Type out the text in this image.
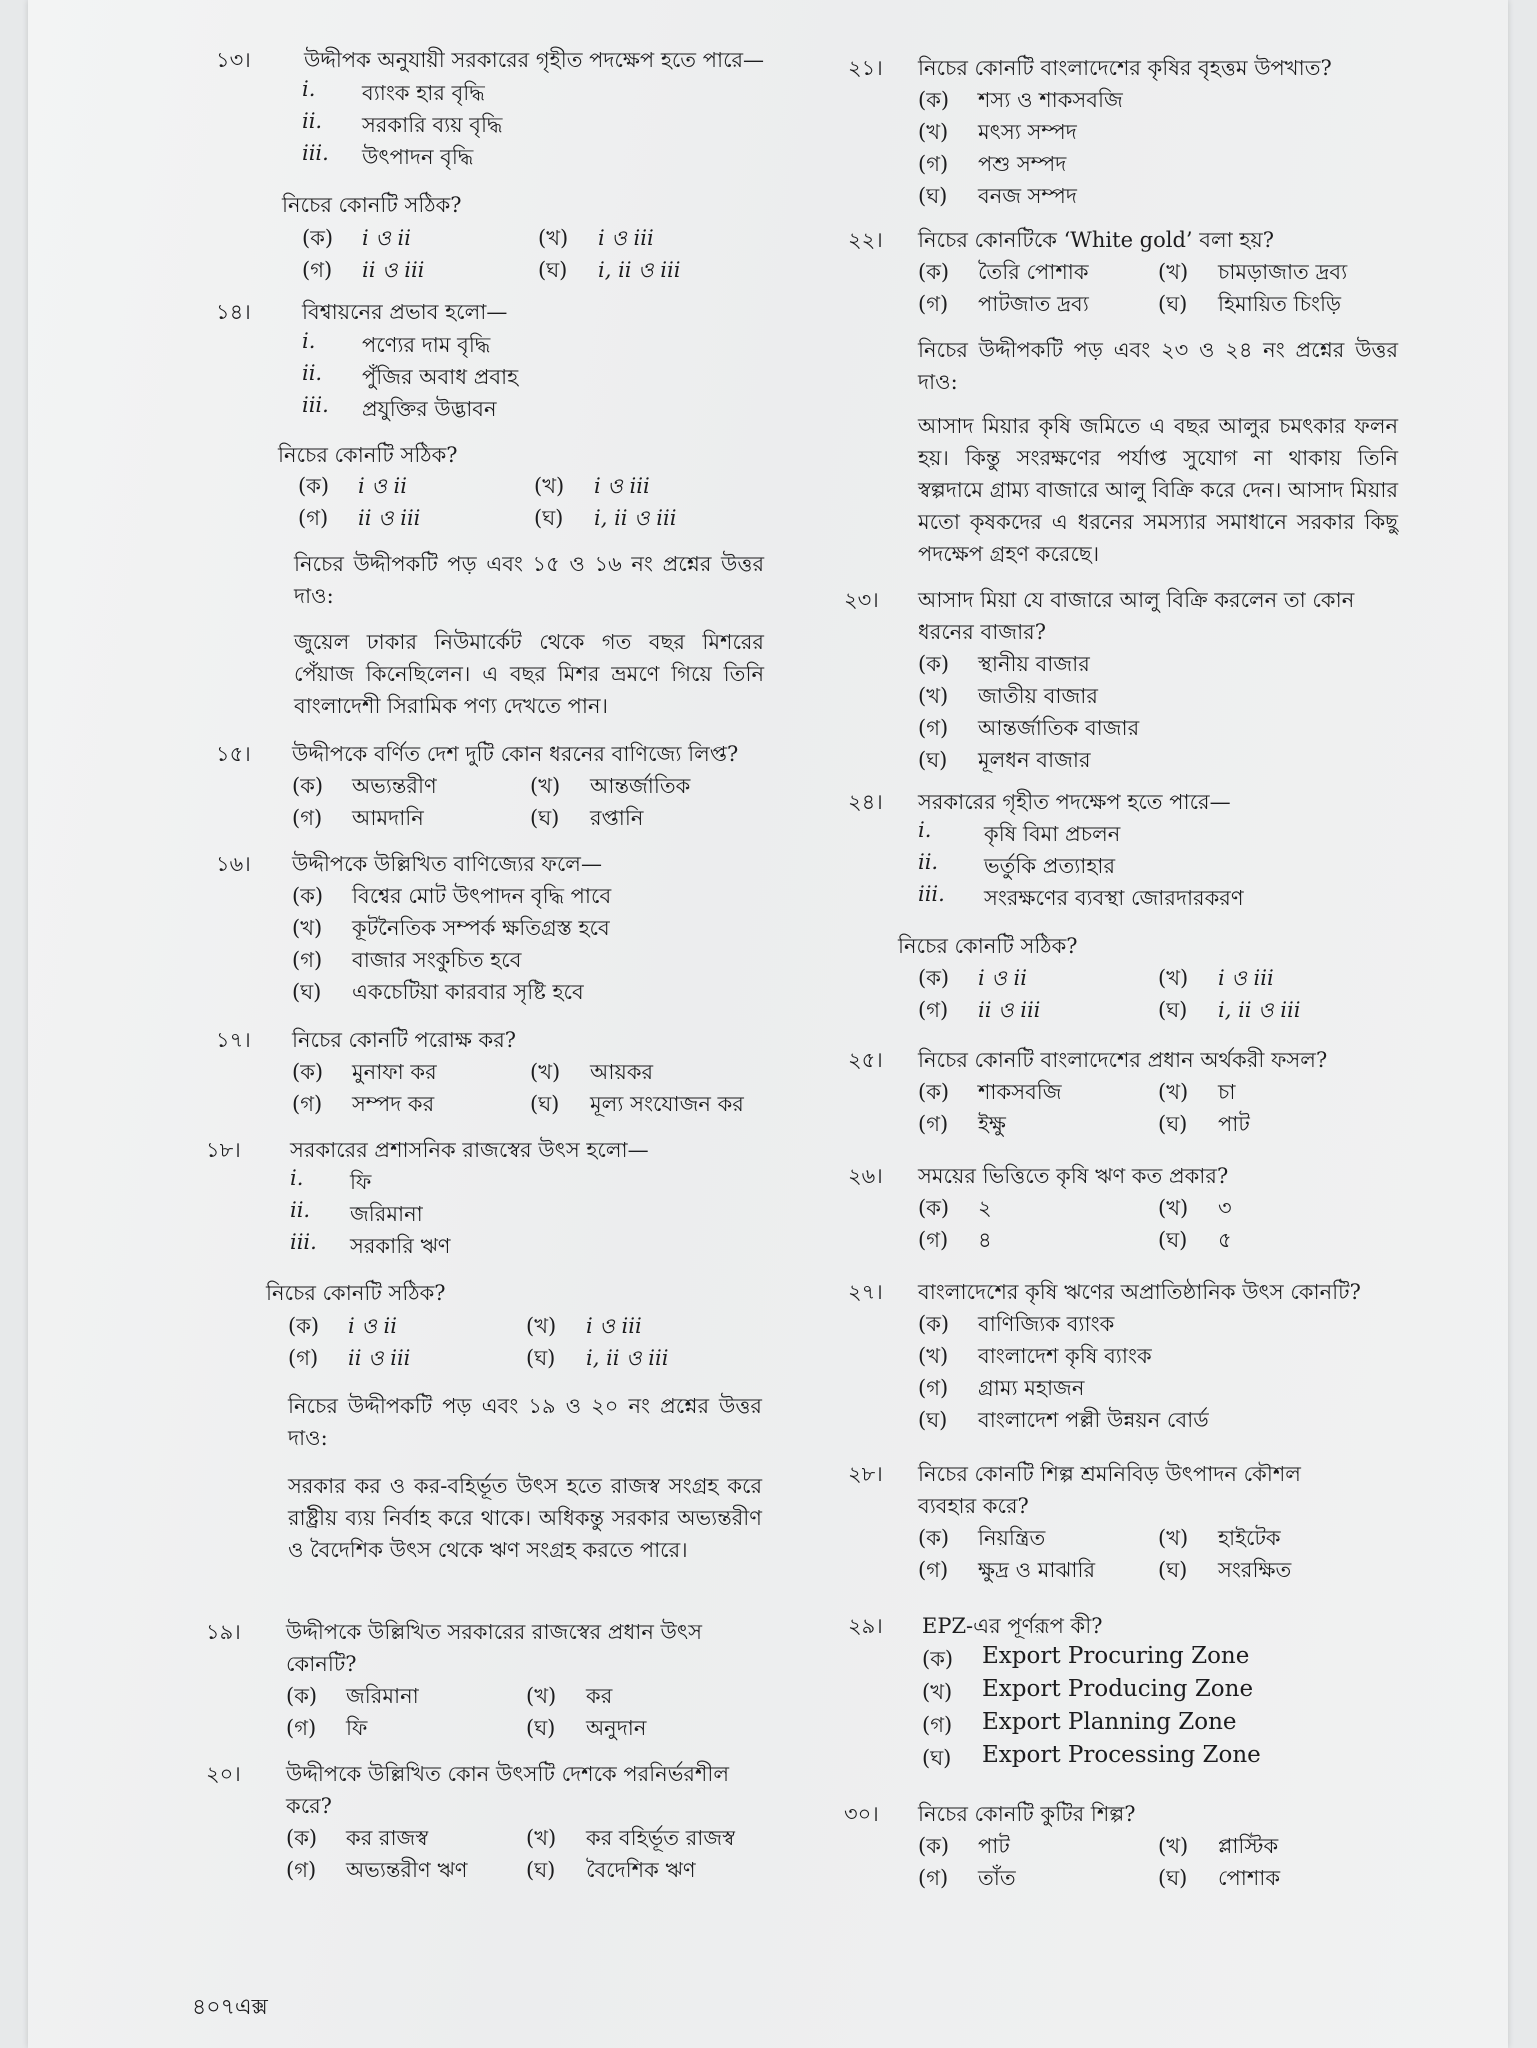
১৩।	উদ্দীপক অনুযায়ী সরকারের গৃহীত পদক্ষেপ হতে পারে—
i. ব্যাংক হার বৃদ্ধি
ii. সরকারি ব্যয় বৃদ্ধি
iii. উৎপাদন বৃদ্ধি
নিচের কোনটি সঠিক?
(ক) i ও ii	(খ) i ও iii
(গ) ii ও iii	(ঘ) i, ii ও iii
১৪। বিশ্বায়নের প্রভাব হলো—
i. পণ্যের দাম বৃদ্ধি
ii. পুঁজির অবাধ প্রবাহ
iii. প্রযুক্তির উদ্ভাবন
নিচের কোনটি সঠিক?
(ক) i ও ii	(খ) i ও iii
(গ) ii ও iii	(ঘ) i, ii ও iii
নিচের উদ্দীপকটি পড় এবং ১৫ ও ১৬ নং প্রশ্নের উত্তর দাও:
জুয়েল ঢাকার নিউমার্কেট থেকে গত বছর মিশরের পেঁয়াজ কিনেছিলেন। এ বছর মিশর ভ্রমণে গিয়ে তিনি বাংলাদেশী সিরামিক পণ্য দেখতে পান।
১৫। উদ্দীপকে বর্ণিত দেশ দুটি কোন ধরনের বাণিজ্যে লিপ্ত?
(ক) অভ্যন্তরীণ	(খ) আন্তর্জাতিক
(গ) আমদানি	(ঘ) রপ্তানি
১৬। উদ্দীপকে উল্লিখিত বাণিজ্যের ফলে—
(ক) বিশ্বের মোট উৎপাদন বৃদ্ধি পাবে
(খ) কূটনৈতিক সম্পর্ক ক্ষতিগ্রস্ত হবে
(গ) বাজার সংকুচিত হবে
(ঘ) একচেটিয়া কারবার সৃষ্টি হবে
১৭। নিচের কোনটি পরোক্ষ কর?
(ক) মুনাফা কর	(খ) আয়কর
(গ) সম্পদ কর	(ঘ) মূল্য সংযোজন কর
১৮। সরকারের প্রশাসনিক রাজস্বের উৎস হলো—
i. ফি
ii. জরিমানা
iii. সরকারি ঋণ
নিচের কোনটি সঠিক?
(ক) i ও ii	(খ) i ও iii
(গ) ii ও iii	(ঘ) i, ii ও iii
নিচের উদ্দীপকটি পড় এবং ১৯ ও ২০ নং প্রশ্নের উত্তর দাও:
সরকার কর ও কর-বহির্ভূত উৎস হতে রাজস্ব সংগ্রহ করে রাষ্ট্রীয় ব্যয় নির্বাহ করে থাকে। অধিকন্তু সরকার অভ্যন্তরীণ ও বৈদেশিক উৎস থেকে ঋণ সংগ্রহ করতে পারে।
১৯। উদ্দীপকে উল্লিখিত সরকারের রাজস্বের প্রধান উৎস কোনটি?
(ক) জরিমানা	(খ) কর
(গ) ফি	(ঘ) অনুদান
২০। উদ্দীপকে উল্লিখিত কোন উৎসটি দেশকে পরনির্ভরশীল করে?
(ক) কর রাজস্ব	(খ) কর বহির্ভূত রাজস্ব
(গ) অভ্যন্তরীণ ঋণ	(ঘ) বৈদেশিক ঋণ
২১। নিচের কোনটি বাংলাদেশের কৃষির বৃহত্তম উপখাত?
(ক) শস্য ও শাকসবজি
(খ) মৎস্য সম্পদ
(গ) পশু সম্পদ
(ঘ) বনজ সম্পদ
২২। নিচের কোনটিকে ‘White gold’ বলা হয়?
(ক) তৈরি পোশাক	(খ) চামড়াজাত দ্রব্য
(গ) পাটজাত দ্রব্য	(ঘ) হিমায়িত চিংড়ি
নিচের উদ্দীপকটি পড় এবং ২৩ ও ২৪ নং প্রশ্নের উত্তর দাও:
আসাদ মিয়ার কৃষি জমিতে এ বছর আলুর চমৎকার ফলন হয়। কিন্তু সংরক্ষণের পর্যাপ্ত সুযোগ না থাকায় তিনি স্বল্পদামে গ্রাম্য বাজারে আলু বিক্রি করে দেন। আসাদ মিয়ার মতো কৃষকদের এ ধরনের সমস্যার সমাধানে সরকার কিছু পদক্ষেপ গ্রহণ করেছে।
২৩। আসাদ মিয়া যে বাজারে আলু বিক্রি করলেন তা কোন ধরনের বাজার?
(ক) স্থানীয় বাজার
(খ) জাতীয় বাজার
(গ) আন্তর্জাতিক বাজার
(ঘ) মূলধন বাজার
২৪। সরকারের গৃহীত পদক্ষেপ হতে পারে—
i.	কৃষি বিমা প্রচলন
ii. ভর্তুকি প্রত্যাহার
iii. সংরক্ষণের ব্যবস্থা জোরদারকরণ
নিচের কোনটি সঠিক?
(ক) i ও ii	(খ) i ও iii
(গ) ii ও iii	(ঘ) i, ii ও iii
২৫। নিচের কোনটি বাংলাদেশের প্রধান অর্থকরী ফসল?
(ক) শাকসবজি	(খ) চা
(গ) ইক্ষু	(ঘ) পাট
২৬। সময়ের ভিত্তিতে কৃষি ঋণ কত প্রকার?
(ক) ২	(খ) ৩
(গ) ৪	(ঘ) ৫
২৭। বাংলাদেশের কৃষি ঋণের অপ্রাতিষ্ঠানিক উৎস কোনটি?
(ক) বাণিজ্যিক ব্যাংক
(খ) বাংলাদেশ কৃষি ব্যাংক
(গ) গ্রাম্য মহাজন
(ঘ) বাংলাদেশ পল্লী উন্নয়ন বোর্ড
২৮। নিচের কোনটি শিল্প শ্রমনিবিড় উৎপাদন কৌশল ব্যবহার করে?
(ক) নিয়ন্ত্রিত	(খ) হাইটেক
(গ) ক্ষুদ্র ও মাঝারি	(ঘ) সংরক্ষিত
২৯। EPZ-এর পূর্ণরূপ কী?
(ক) Export Procuring Zone
(খ) Export Producing Zone
(গ) Export Planning Zone
(ঘ) Export Processing Zone
৩০। নিচের কোনটি কুটির শিল্প?
(ক) পাট	(খ) প্লাস্টিক
(গ) তাঁত	(ঘ) পোশাক
৪০৭এক্স
